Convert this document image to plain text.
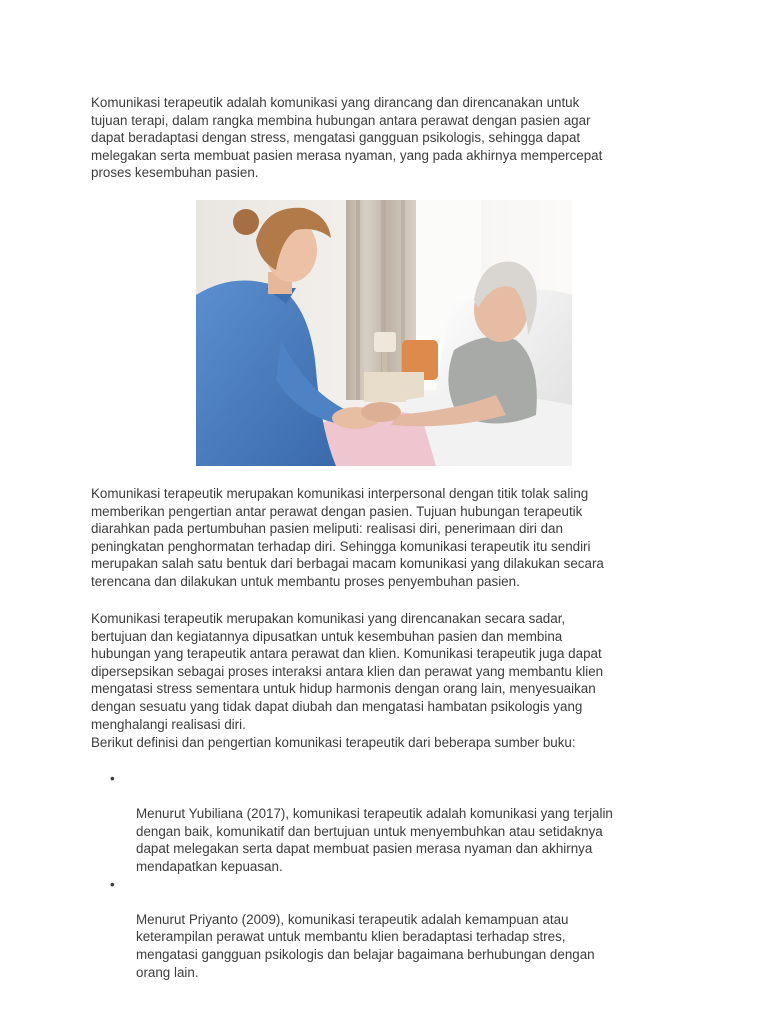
Komunikasi terapeutik adalah komunikasi yang dirancang dan direncanakan untuk
tujuan terapi, dalam rangka membina hubungan antara perawat dengan pasien agar
dapat beradaptasi dengan stress, mengatasi gangguan psikologis, sehingga dapat
melegakan serta membuat pasien merasa nyaman, yang pada akhirnya mempercepat
proses kesembuhan pasien.

Komunikasi terapeutik merupakan komunikasi interpersonal dengan titik tolak saling
memberikan pengertian antar perawat dengan pasien. Tujuan hubungan terapeutik
diarahkan pada pertumbuhan pasien meliputi: realisasi diri, penerimaan diri dan
peningkatan penghormatan terhadap diri. Sehingga komunikasi terapeutik itu sendiri
merupakan salah satu bentuk dari berbagai macam komunikasi yang dilakukan secara
terencana dan dilakukan untuk membantu proses penyembuhan pasien.

Komunikasi terapeutik merupakan komunikasi yang direncanakan secara sadar,
bertujuan dan kegiatannya dipusatkan untuk kesembuhan pasien dan membina
hubungan yang terapeutik antara perawat dan klien. Komunikasi terapeutik juga dapat
dipersepsikan sebagai proses interaksi antara klien dan perawat yang membantu klien
mengatasi stress sementara untuk hidup harmonis dengan orang lain, menyesuaikan
dengan sesuatu yang tidak dapat diubah dan mengatasi hambatan psikologis yang
menghalangi realisasi diri.

Berikut definisi dan pengertian komunikasi terapeutik dari beberapa sumber buku:

•

Menurut Yubiliana (2017), komunikasi terapeutik adalah komunikasi yang terjalin
dengan baik, komunikatif dan bertujuan untuk menyembuhkan atau setidaknya
dapat melegakan serta dapat membuat pasien merasa nyaman dan akhirnya
mendapatkan kepuasan.

•

Menurut Priyanto (2009), komunikasi terapeutik adalah kemampuan atau
keterampilan perawat untuk membantu klien beradaptasi terhadap stres,
mengatasi gangguan psikologis dan belajar bagaimana berhubungan dengan
orang lain.
